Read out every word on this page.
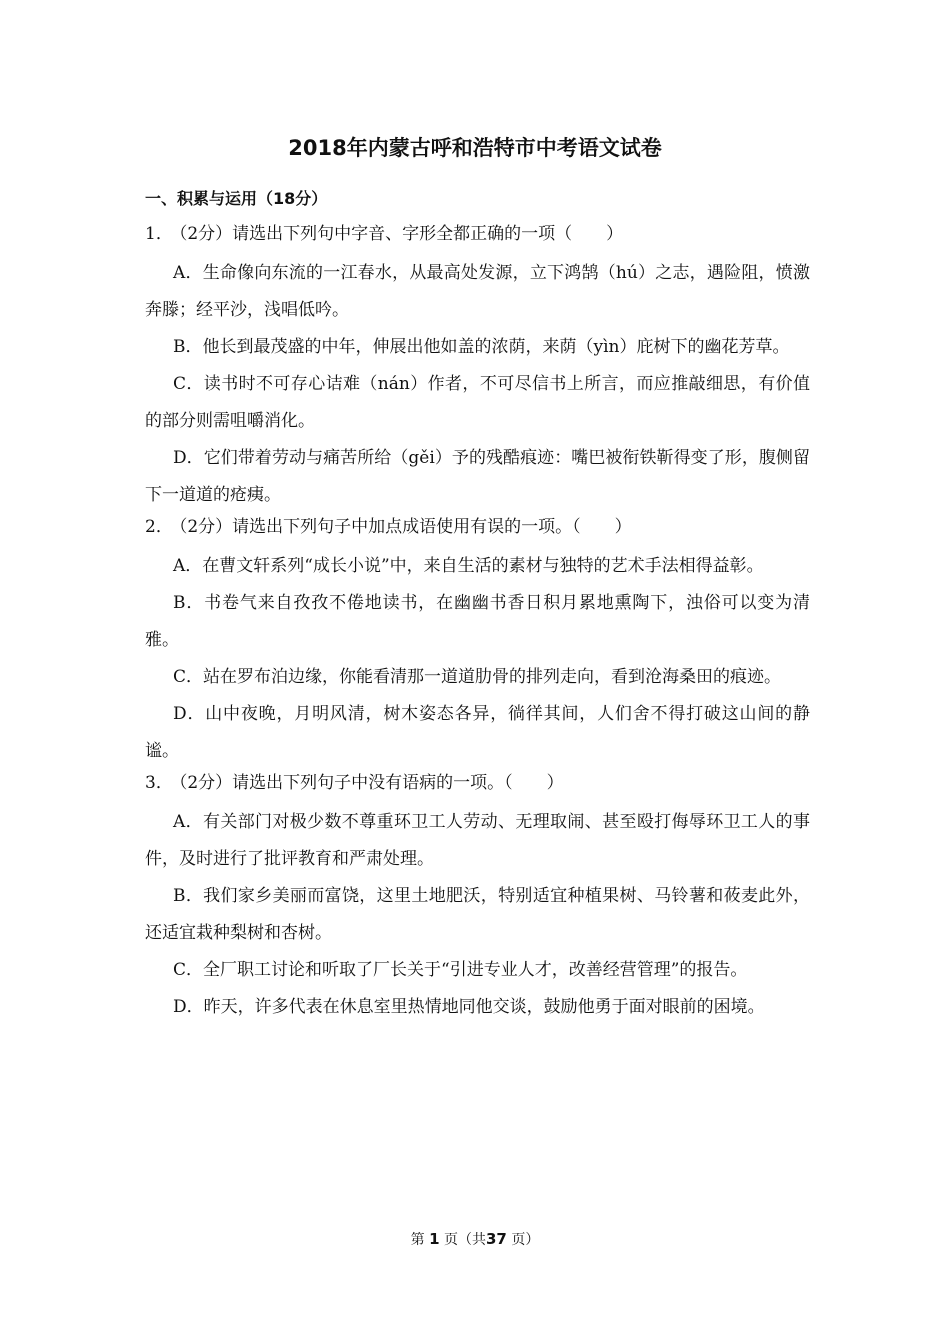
2018年内蒙古呼和浩特市中考语文试卷
一、积累与运用（18分）
1． （2分）请选出下列句中字音、字形全都正确的一项（　　）
A．生命像向东流的一江春水，从最高处发源，立下鸿鹄（hú）之志，遇险阻，愤激奔滕；经平沙，浅唱低吟。
B．他长到最茂盛的中年，伸展出他如盖的浓荫，来荫（yìn）庇树下的幽花芳草。
C．读书时不可存心诘难（nán）作者，不可尽信书上所言，而应推敲细思，有价值的部分则需咀嚼消化。
D．它们带着劳动与痛苦所给（gěi）予的残酷痕迹：嘴巴被衔铁靳得变了形，腹侧留下一道道的疮痍。
2． （2分）请选出下列句子中加点成语使用有误的一项。（　　）
A．在曹文轩系列“成长小说”中，来自生活的素材与独特的艺术手法相得益彰。
B．书卷气来自孜孜不倦地读书，在幽幽书香日积月累地熏陶下，浊俗可以变为清雅。
C．站在罗布泊边缘，你能看清那一道道肋骨的排列走向，看到沧海桑田的痕迹。
D．山中夜晚，月明风清，树木姿态各异，徜徉其间，人们舍不得打破这山间的静谧。
3． （2分）请选出下列句子中没有语病的一项。（　　）
A．有关部门对极少数不尊重环卫工人劳动、无理取闹、甚至殴打侮辱环卫工人的事件，及时进行了批评教育和严肃处理。
B．我们家乡美丽而富饶，这里土地肥沃，特别适宜种植果树、马铃薯和莜麦此外，还适宜栽种梨树和杏树。
C．全厂职工讨论和听取了厂长关于“引进专业人才，改善经营管理”的报告。
D．昨天，许多代表在休息室里热情地同他交谈，鼓励他勇于面对眼前的困境。
第 1 页（共37 页）
